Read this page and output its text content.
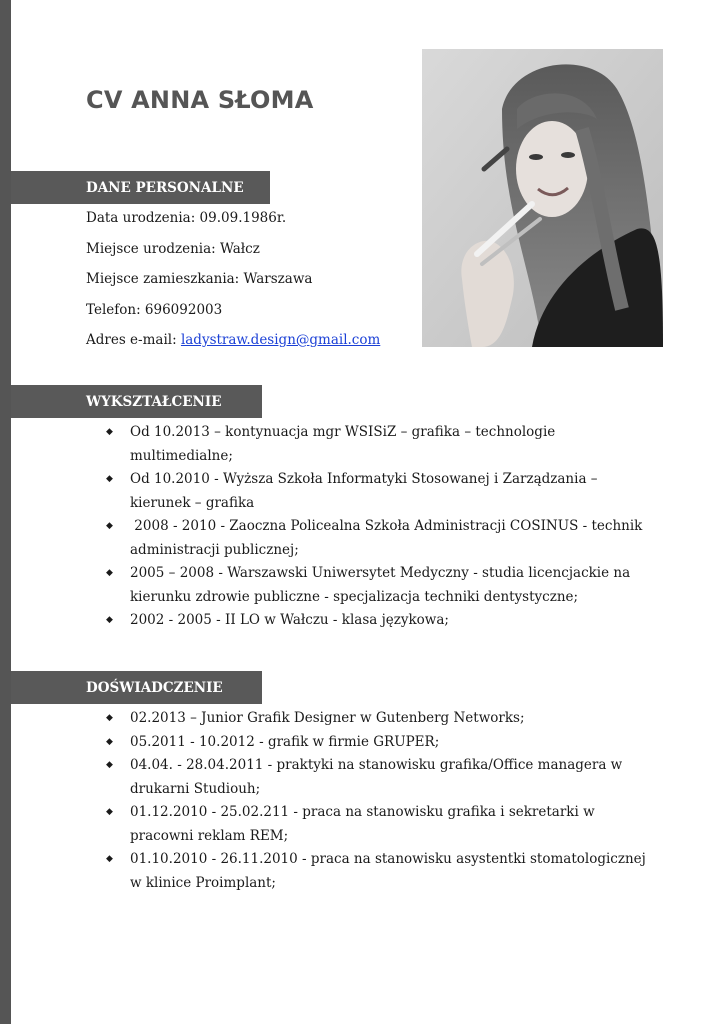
CV ANNA SŁOMA
DANE PERSONALNE
Data urodzenia: 09.09.1986r.
Miejsce urodzenia: Wałcz
Miejsce zamieszkania: Warszawa
Telefon: 696092003
Adres e-mail: ladystraw.design@gmail.com
WYKSZTAŁCENIE
◆ Od 10.2013 – kontynuacja mgr WSISiZ – grafika – technologie multimedialne;
◆ Od 10.2010 - Wyższa Szkoła Informatyki Stosowanej i Zarządzania – kierunek – grafika
◆ 2008 - 2010 - Zaoczna Policealna Szkoła Administracji COSINUS - technik administracji publicznej;
◆ 2005 – 2008 - Warszawski Uniwersytet Medyczny - studia licencjackie na kierunku zdrowie publiczne - specjalizacja techniki dentystyczne;
◆ 2002 - 2005 - II LO w Wałczu - klasa językowa;
DOŚWIADCZENIE
◆ 02.2013 – Junior Grafik Designer w Gutenberg Networks;
◆ 05.2011 - 10.2012 - grafik w firmie GRUPER;
◆ 04.04. - 28.04.2011 - praktyki na stanowisku grafika/Office managera w drukarni Studiouh;
◆ 01.12.2010 - 25.02.211 - praca na stanowisku grafika i sekretarki w pracowni reklam REM;
◆ 01.10.2010 - 26.11.2010 - praca na stanowisku asystentki stomatologicznej w klinice Proimplant;
